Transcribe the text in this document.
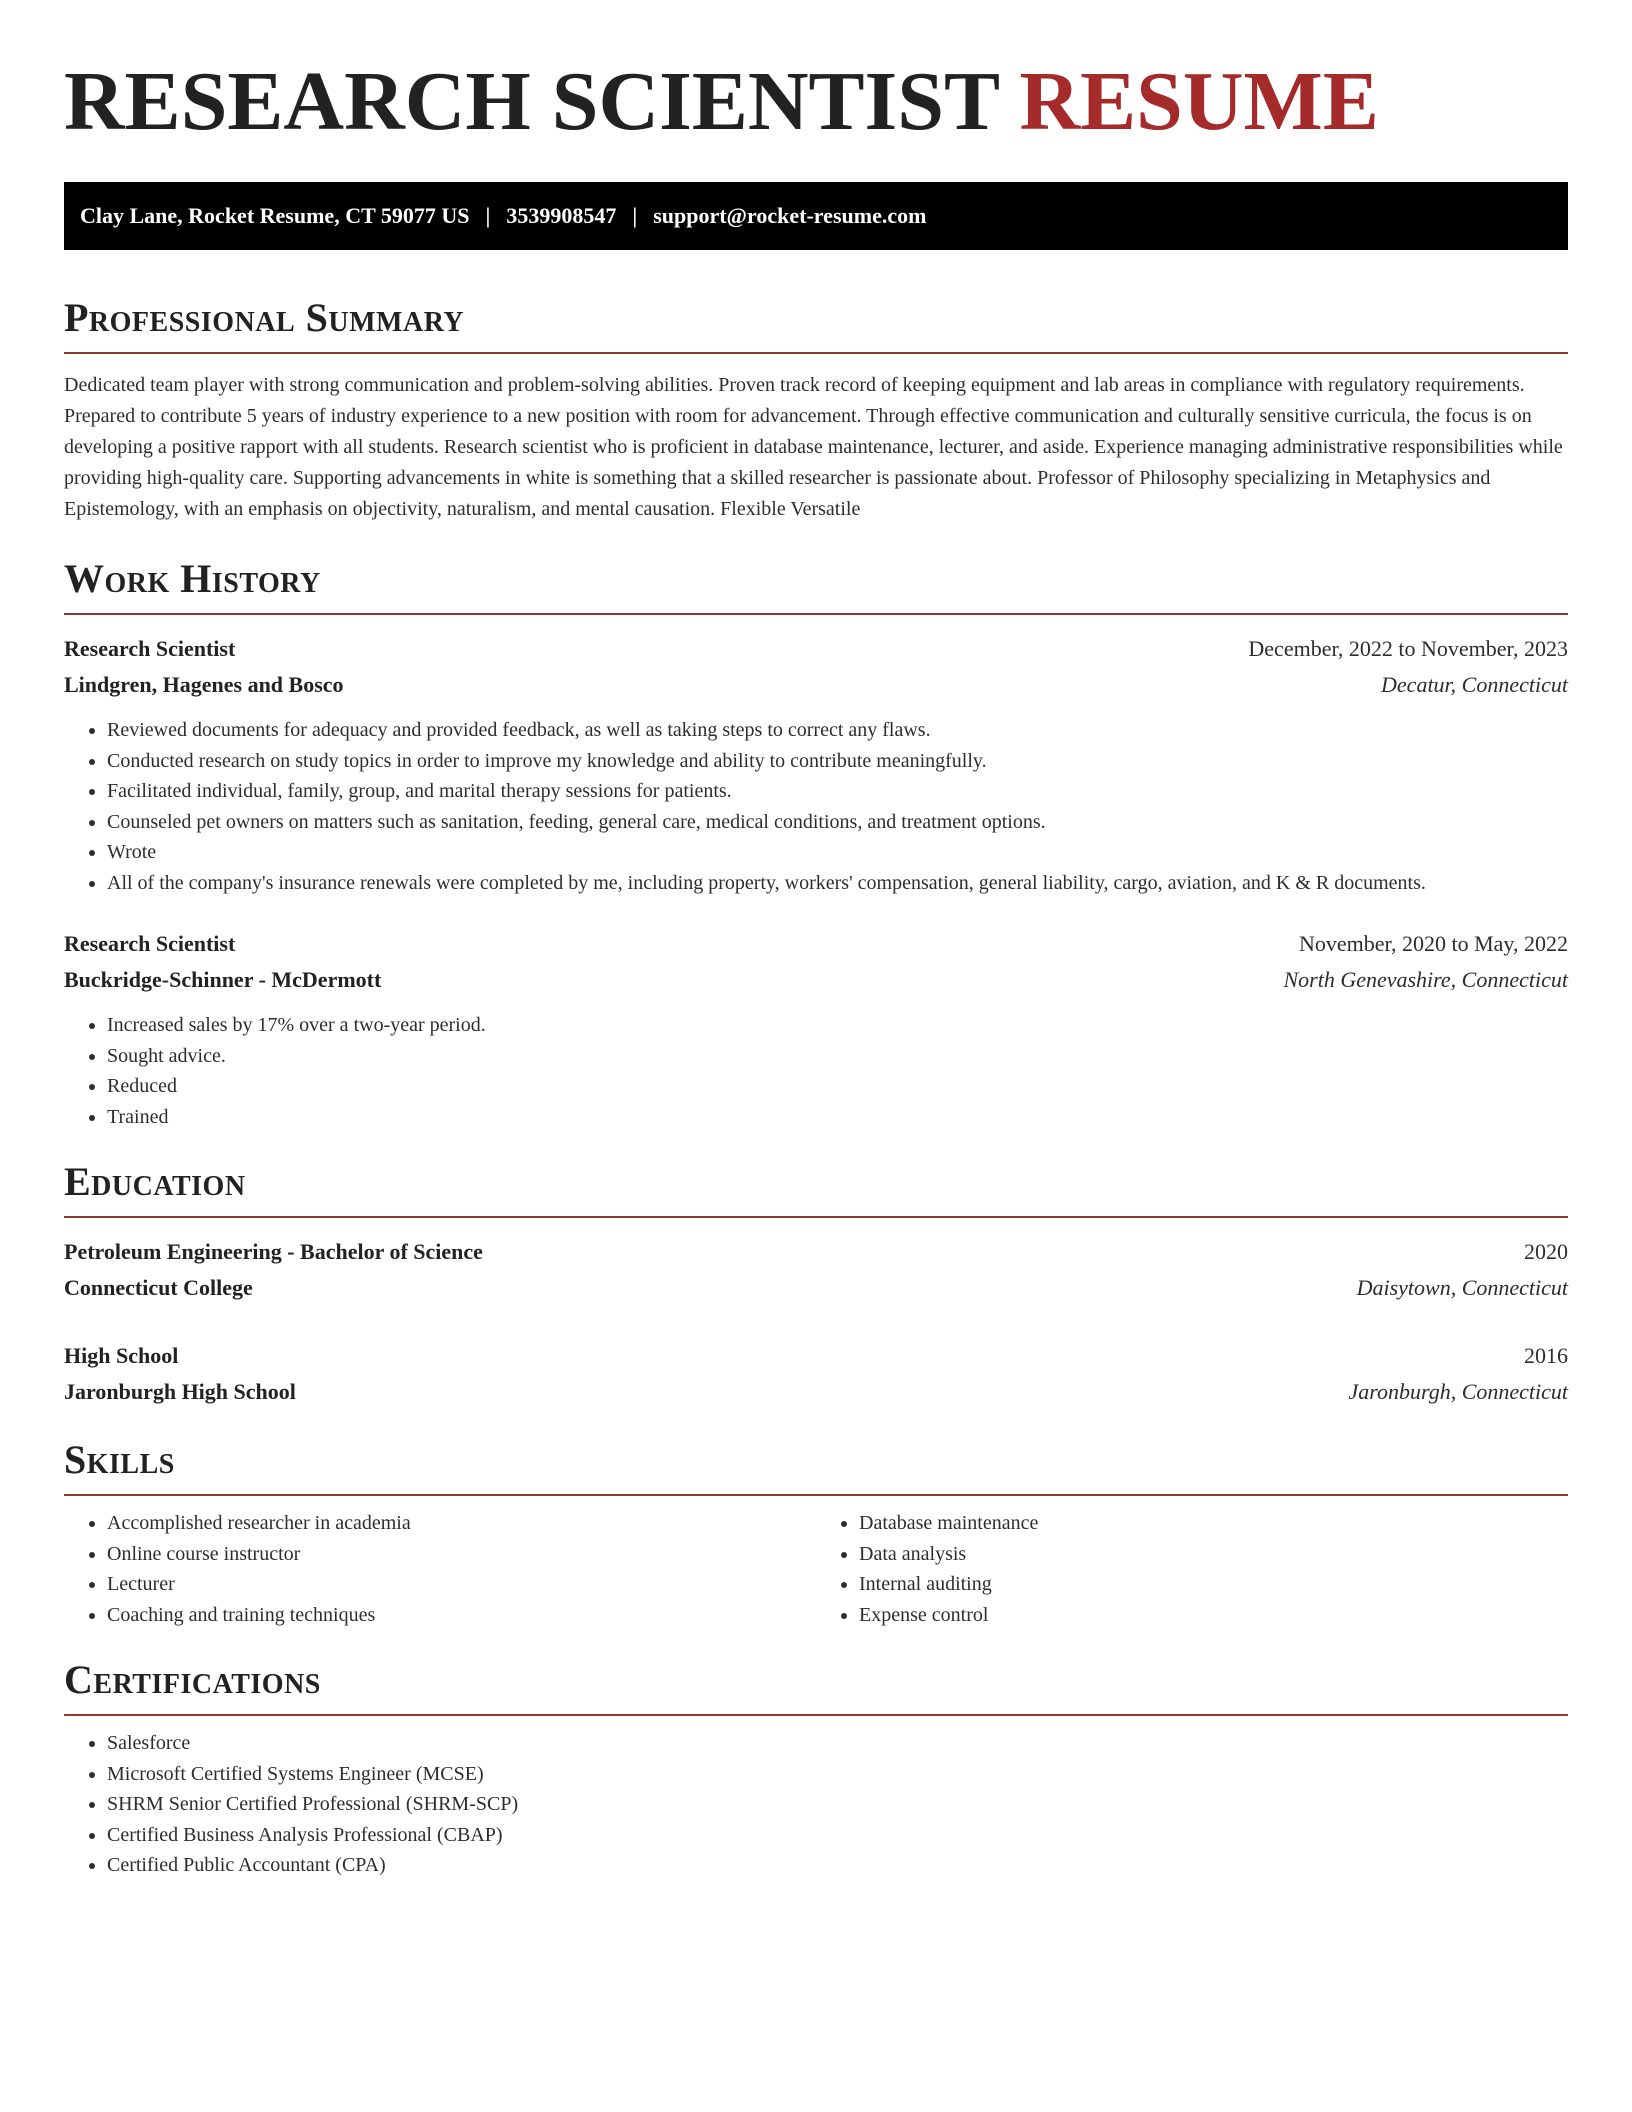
RESEARCH SCIENTIST RESUME
Clay Lane, Rocket Resume, CT 59077 US | 3539908547 | support@rocket-resume.com
Professional Summary

Dedicated team player with strong communication and problem-solving abilities. Proven track record of keeping equipment and lab areas in compliance with regulatory requirements. Prepared to contribute 5 years of industry experience to a new position with room for advancement. Through effective communication and culturally sensitive curricula, the focus is on developing a positive rapport with all students. Research scientist who is proficient in database maintenance, lecturer, and aside. Experience managing administrative responsibilities while providing high-quality care. Supporting advancements in white is something that a skilled researcher is passionate about. Professor of Philosophy specializing in Metaphysics and Epistemology, with an emphasis on objectivity, naturalism, and mental causation. Flexible Versatile

Work History
Research Scientist	December, 2022 to November, 2023
Lindgren, Hagenes and Bosco	Decatur, Connecticut
• Reviewed documents for adequacy and provided feedback, as well as taking steps to correct any flaws.
• Conducted research on study topics in order to improve my knowledge and ability to contribute meaningfully.
• Facilitated individual, family, group, and marital therapy sessions for patients.
• Counseled pet owners on matters such as sanitation, feeding, general care, medical conditions, and treatment options.
• Wrote
• All of the company's insurance renewals were completed by me, including property, workers' compensation, general liability, cargo, aviation, and K & R documents.
Research Scientist	November, 2020 to May, 2022
Buckridge-Schinner - McDermott	North Genevashire, Connecticut
• Increased sales by 17% over a two-year period.
• Sought advice.
• Reduced
• Trained
Education
Petroleum Engineering - Bachelor of Science	2020
Connecticut College	Daisytown, Connecticut
High School	2016
Jaronburgh High School	Jaronburgh, Connecticut
Skills
• Accomplished researcher in academia
• Online course instructor
• Lecturer
• Coaching and training techniques
• Database maintenance
• Data analysis
• Internal auditing
• Expense control
Certifications
• Salesforce
• Microsoft Certified Systems Engineer (MCSE)
• SHRM Senior Certified Professional (SHRM-SCP)
• Certified Business Analysis Professional (CBAP)
• Certified Public Accountant (CPA)
